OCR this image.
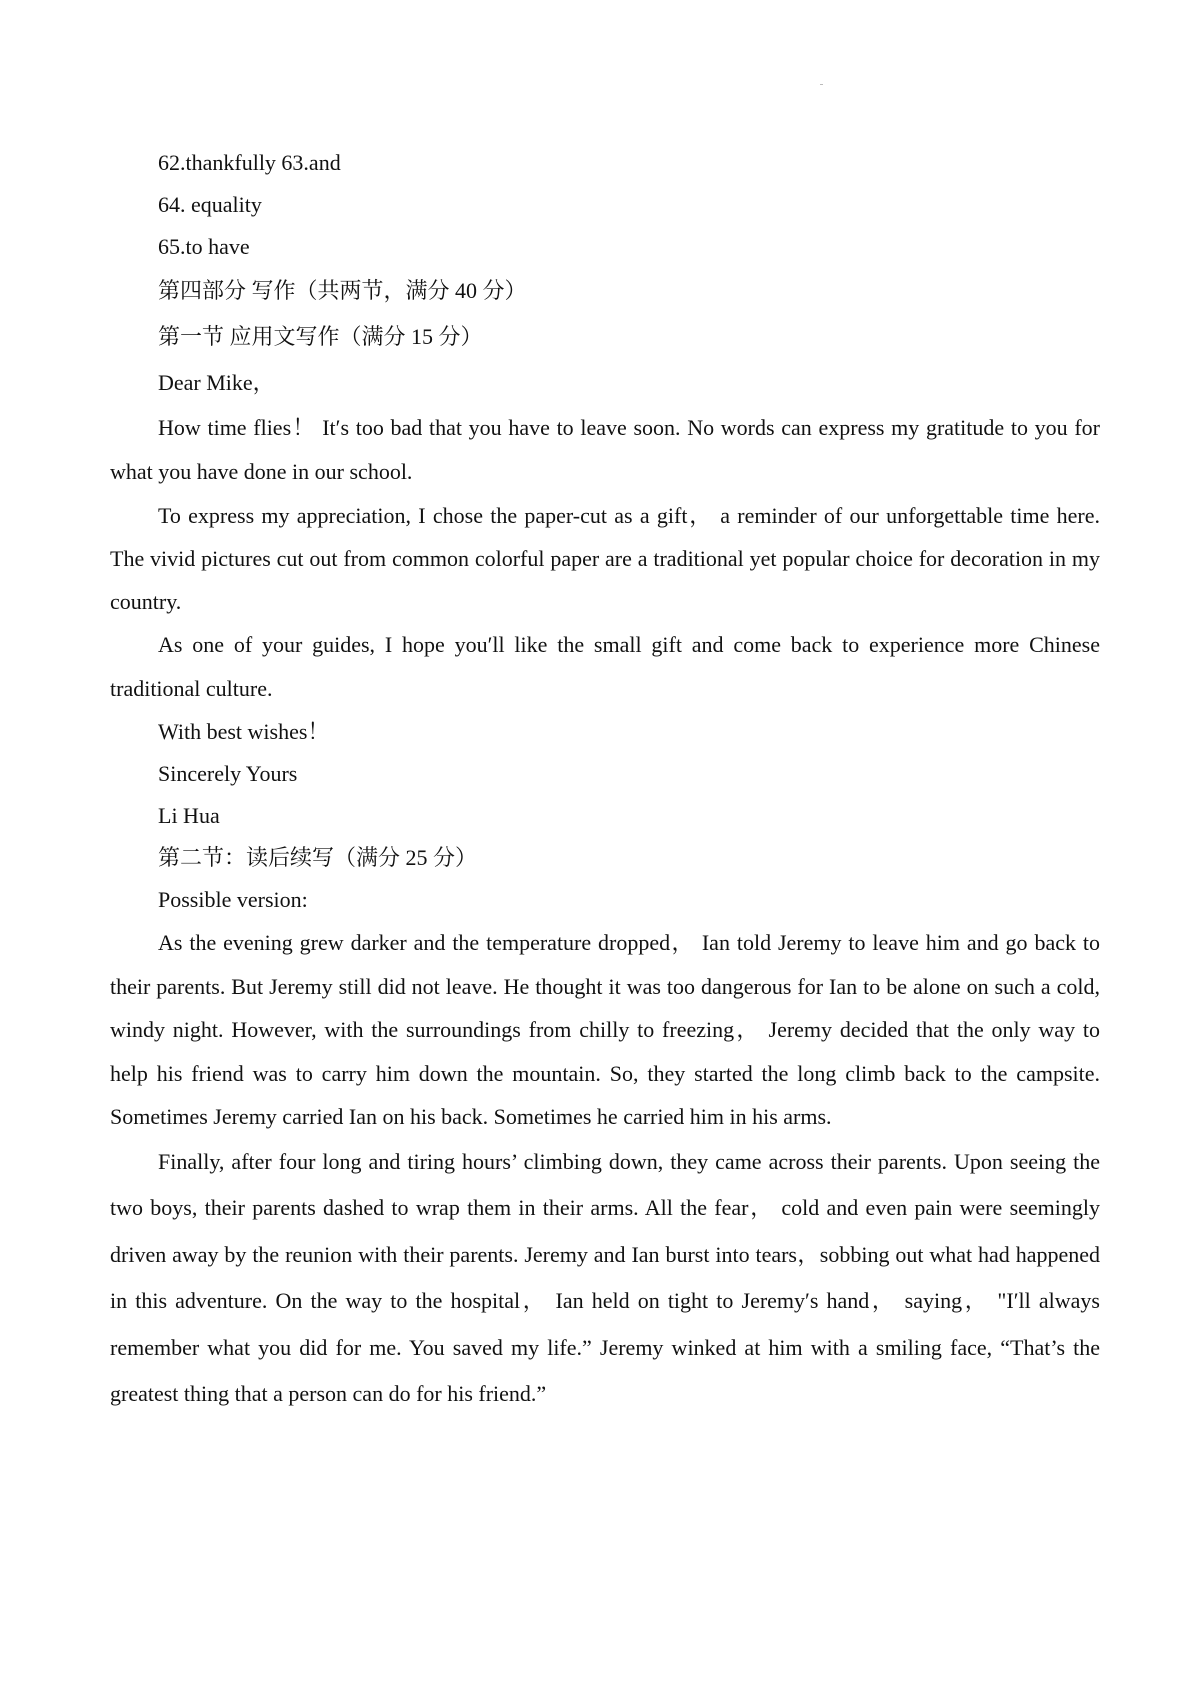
62.thankfully 63.and
64. equality
65.to have
第四部分 写作（共两节，满分 40 分）
第一节 应用文写作（满分 15 分）
Dear Mike，

How time flies！ It′s too bad that you have to leave soon. No words can express my gratitude to you for what you have done in our school.

To express my appreciation, I chose the paper-cut as a gift， a reminder of our unforgettable time here. The vivid pictures cut out from common colorful paper are a traditional yet popular choice for decoration in my country.

As one of your guides, I hope you′ll like the small gift and come back to experience more Chinese traditional culture.

With best wishes！
Sincerely Yours
Li Hua
第二节：读后续写（满分 25 分）
Possible version:

As the evening grew darker and the temperature dropped， Ian told Jeremy to leave him and go back to their parents. But Jeremy still did not leave. He thought it was too dangerous for Ian to be alone on such a cold, windy night. However, with the surroundings from chilly to freezing， Jeremy decided that the only way to help his friend was to carry him down the mountain. So, they started the long climb back to the campsite. Sometimes Jeremy carried Ian on his back. Sometimes he carried him in his arms.

Finally, after four long and tiring hours’ climbing down, they came across their parents. Upon seeing the two boys, their parents dashed to wrap them in their arms. All the fear， cold and even pain were seemingly driven away by the reunion with their parents. Jeremy and Ian burst into tears，sobbing out what had happened in this adventure. On the way to the hospital， Ian held on tight to Jeremy′s hand， saying， "I′ll always remember what you did for me. You saved my life.” Jeremy winked at him with a smiling face, “That’s the greatest thing that a person can do for his friend.”
